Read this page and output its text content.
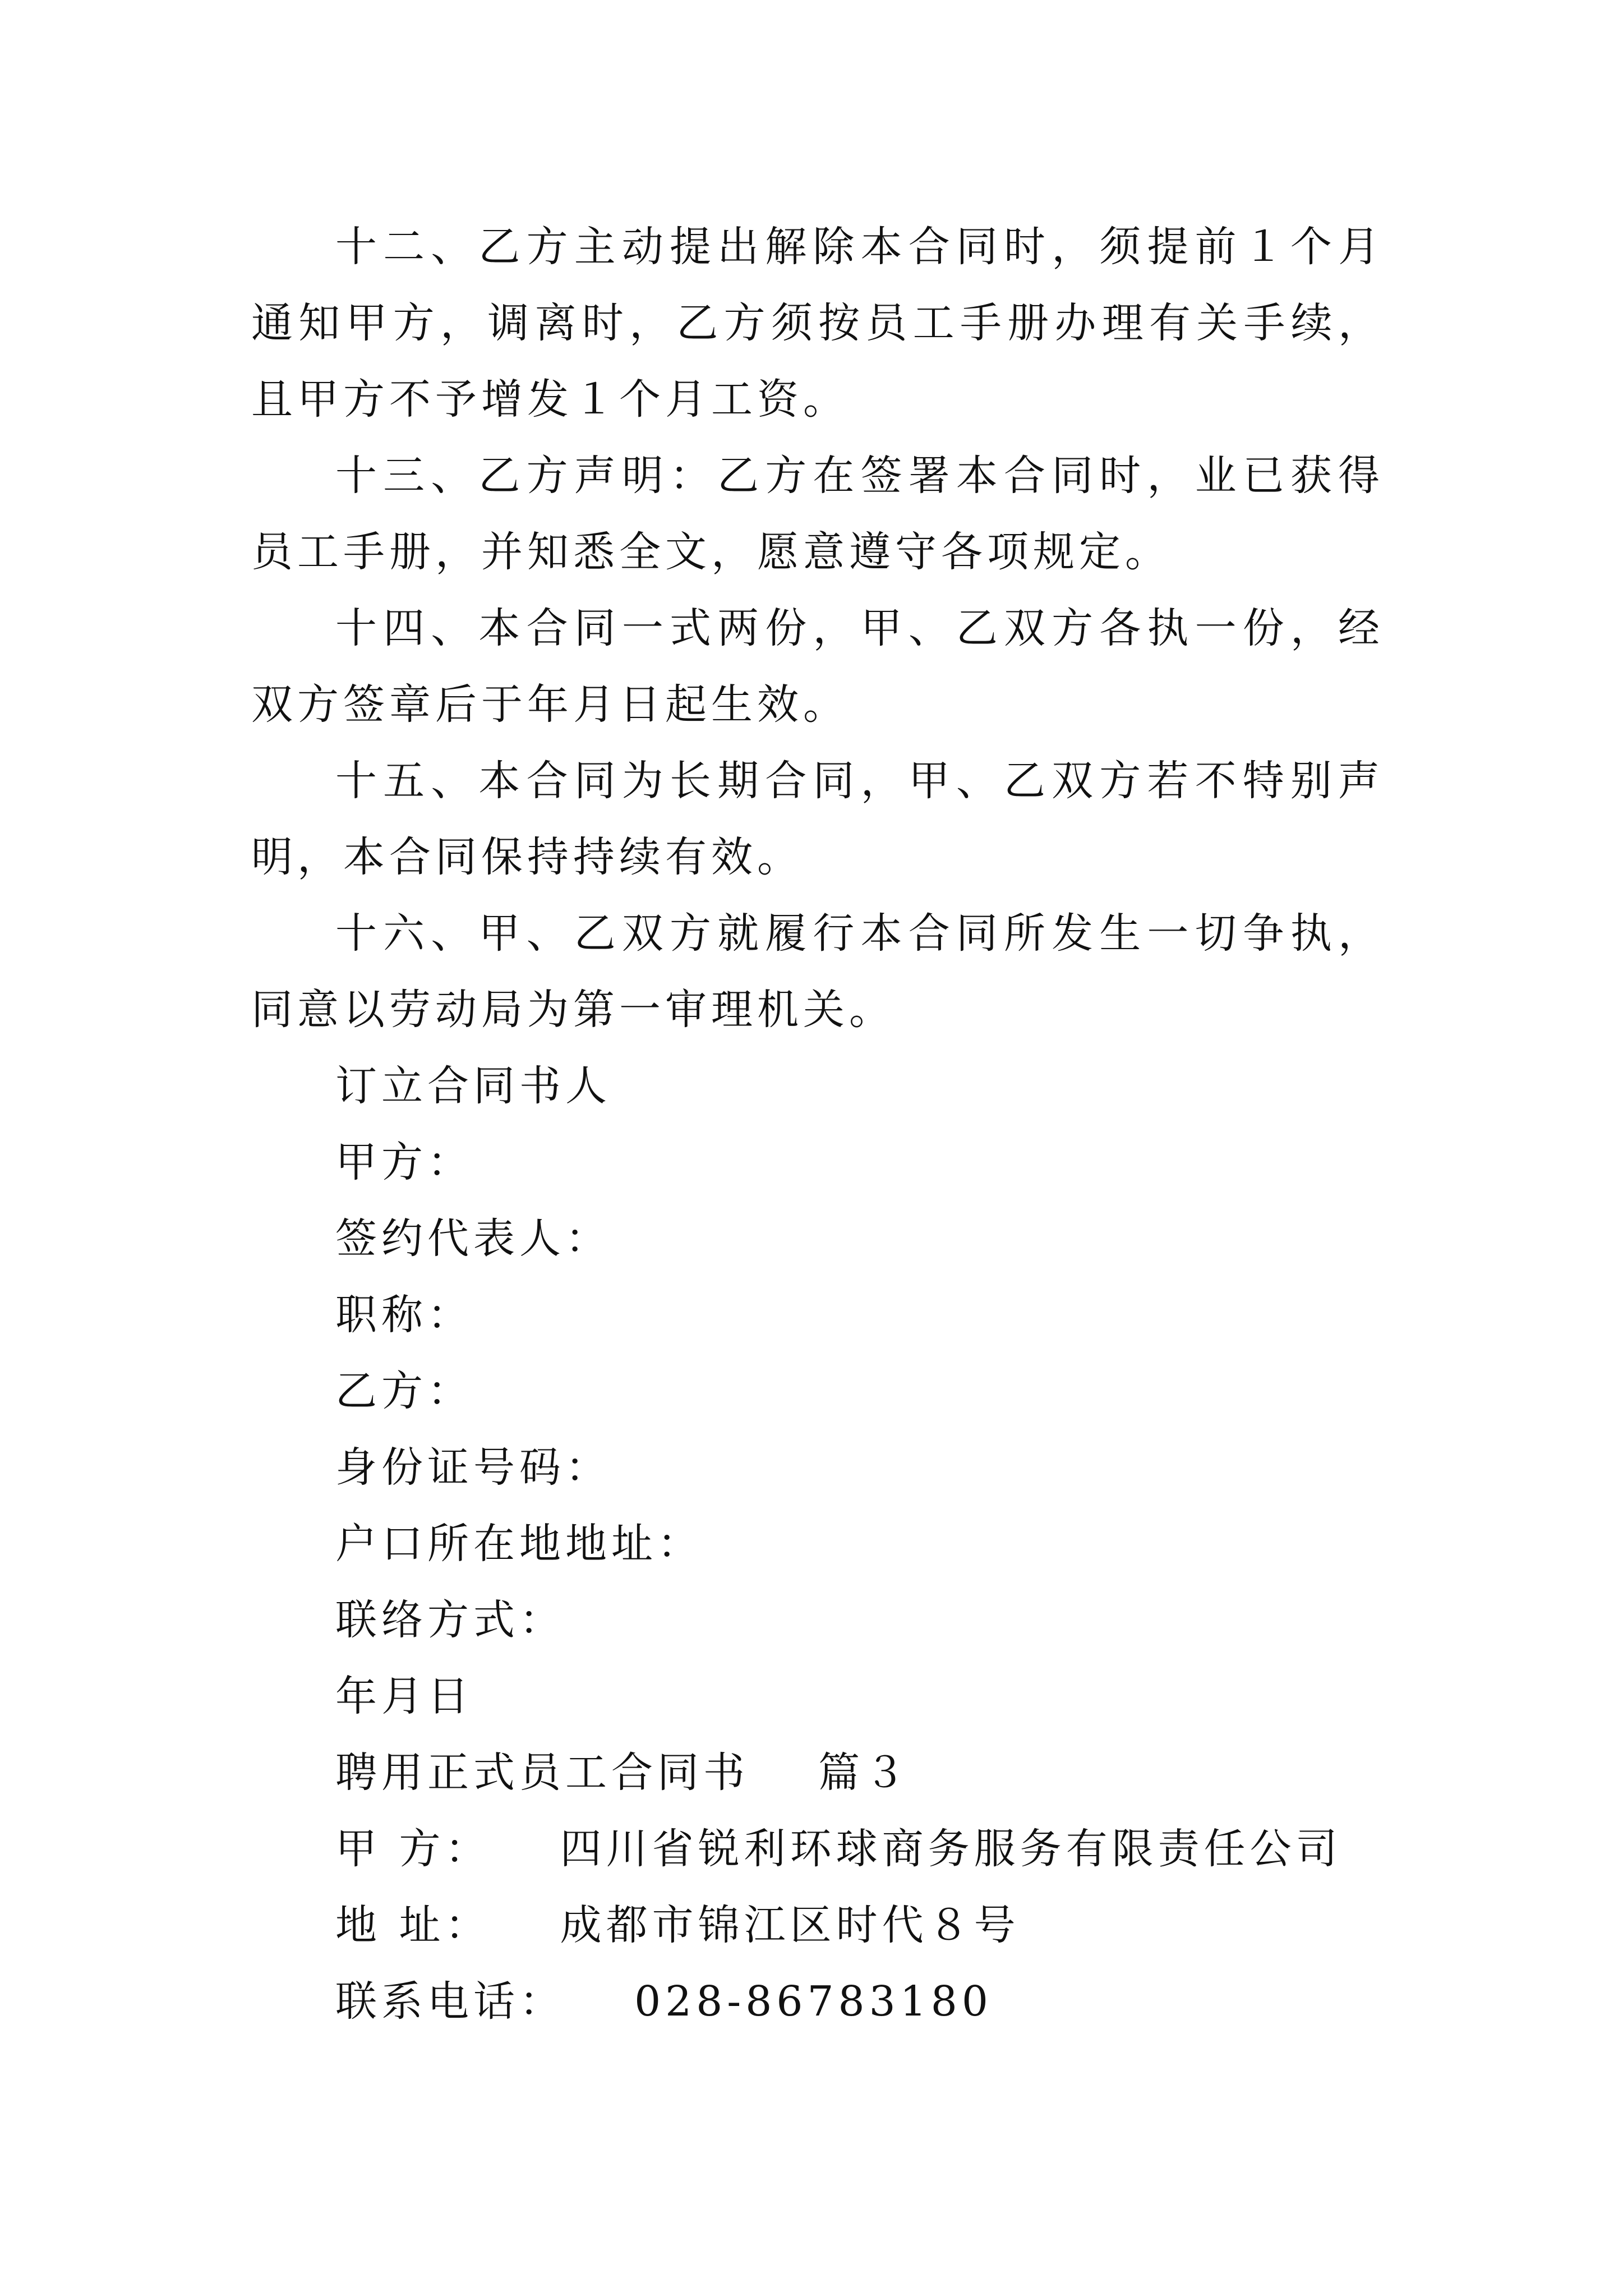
十二、乙方主动提出解除本合同时，须提前１个月通知甲方，调离时，乙方须按员工手册办理有关手续，且甲方不予增发１个月工资。

十三、乙方声明：乙方在签署本合同时，业已获得员工手册，并知悉全文，愿意遵守各项规定。

十四、本合同一式两份，甲、乙双方各执一份，经双方签章后于年月日起生效。

十五、本合同为长期合同，甲、乙双方若不特别声明，本合同保持持续有效。

十六、甲、乙双方就履行本合同所发生一切争执，同意以劳动局为第一审理机关。

订立合同书人

甲方：

签约代表人：

职称：

乙方：

身份证号码：

户口所在地地址：

联络方式：

年月日

聘用正式员工合同书 篇３

甲 方： 四川省锐利环球商务服务有限责任公司

地 址： 成都市锦江区时代８号

联系电话： 028-86783180
